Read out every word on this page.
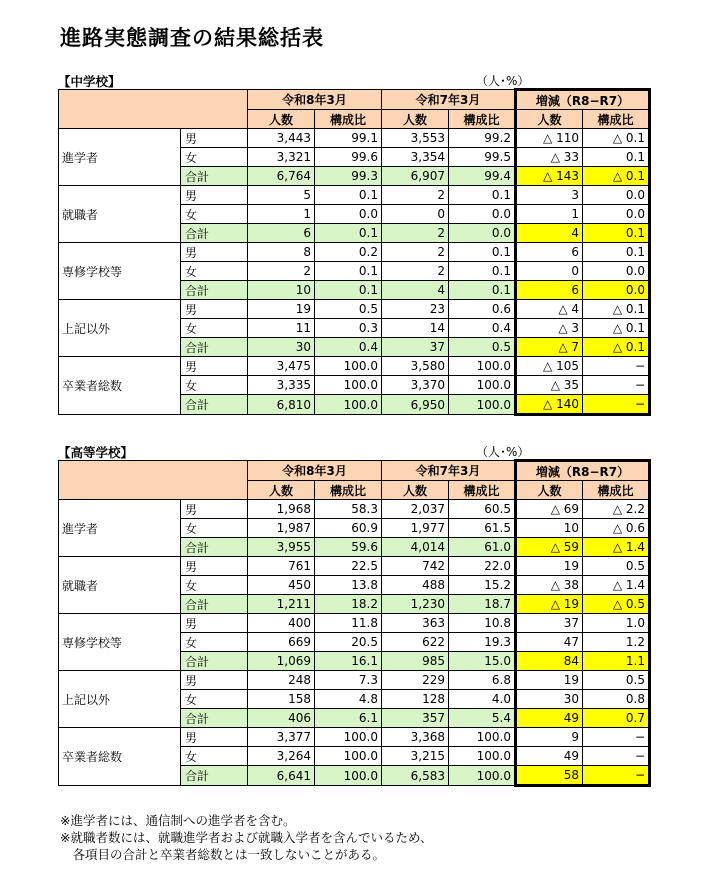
進路実態調査の結果総括表
【中学校】	（人･%）
		令和8年3月		令和7年3月		増減（R8−R7）	
		人数	構成比	人数	構成比	人数	構成比
進学者	男	3,443	99.1	3,553	99.2	△ 110	△ 0.1
	女	3,321	99.6	3,354	99.5	△ 33	0.1
	合計	6,764	99.3	6,907	99.4	△ 143	△ 0.1
就職者	男	5	0.1	2	0.1	3	0.0
	女	1	0.0	0	0.0	1	0.0
	合計	6	0.1	2	0.0	4	0.1
専修学校等	男	8	0.2	2	0.1	6	0.1
	女	2	0.1	2	0.1	0	0.0
	合計	10	0.1	4	0.1	6	0.0
上記以外	男	19	0.5	23	0.6	△ 4	△ 0.1
	女	11	0.3	14	0.4	△ 3	△ 0.1
	合計	30	0.4	37	0.5	△ 7	△ 0.1
卒業者総数	男	3,475	100.0	3,580	100.0	△ 105	−
	女	3,335	100.0	3,370	100.0	△ 35	−
	合計	6,810	100.0	6,950	100.0	△ 140	−
【高等学校】	（人･%）
		令和8年3月		令和7年3月		増減（R8−R7）	
		人数	構成比	人数	構成比	人数	構成比
進学者	男	1,968	58.3	2,037	60.5	△ 69	△ 2.2
	女	1,987	60.9	1,977	61.5	10	△ 0.6
	合計	3,955	59.6	4,014	61.0	△ 59	△ 1.4
就職者	男	761	22.5	742	22.0	19	0.5
	女	450	13.8	488	15.2	△ 38	△ 1.4
	合計	1,211	18.2	1,230	18.7	△ 19	△ 0.5
専修学校等	男	400	11.8	363	10.8	37	1.0
	女	669	20.5	622	19.3	47	1.2
	合計	1,069	16.1	985	15.0	84	1.1
上記以外	男	248	7.3	229	6.8	19	0.5
	女	158	4.8	128	4.0	30	0.8
	合計	406	6.1	357	5.4	49	0.7
卒業者総数	男	3,377	100.0	3,368	100.0	9	−
	女	3,264	100.0	3,215	100.0	49	−
	合計	6,641	100.0	6,583	100.0	58	−
※進学者には、通信制への進学者を含む。
※就職者数には、就職進学者および就職入学者を含んでいるため、
　各項目の合計と卒業者総数とは一致しないことがある。
